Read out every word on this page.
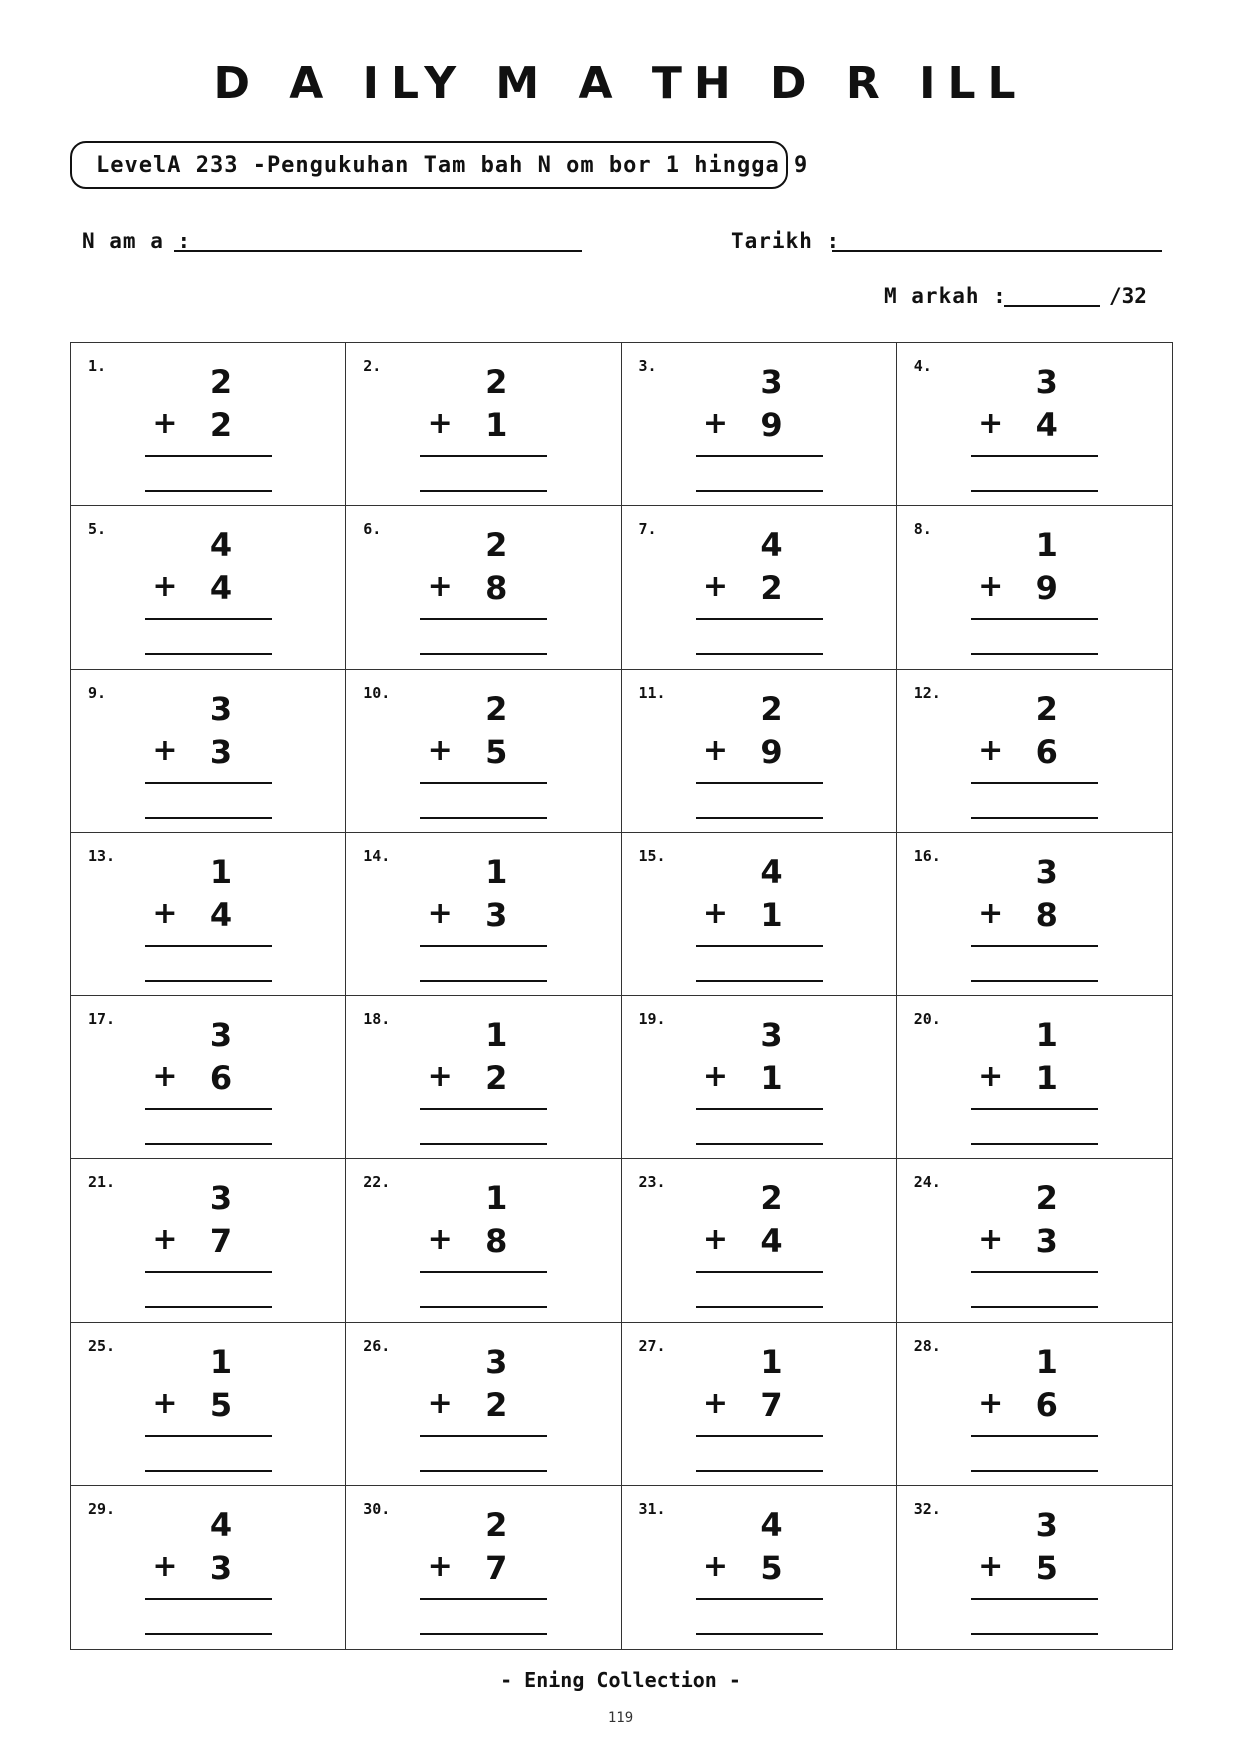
D A ILY M A TH D R ILL
LevelA 233 -Pengukuhan Tam bah N om bor 1 hingga 9
N am a :	Tarikh :
M arkah :	/32
1.	2
+ 2
2.	2
+ 1
3.	3
+ 9
4.	3
+ 4
5.	4
+ 4
6.	2
+ 8
7.	4
+ 2
8.	1
+ 9
9.	3
+ 3
10.	2
+ 5
11.	2
+ 9
12.	2
+ 6
13.	1
+ 4
14.	1
+ 3
15.	4
+ 1
16.	3
+ 8
17.	3
+ 6
18.	1
+ 2
19.	3
+ 1
20.	1
+ 1
21.	3
+ 7
22.	1
+ 8
23.	2
+ 4
24.	2
+ 3
25.	1
+ 5
26.	3
+ 2
27.	1
+ 7
28.	1
+ 6
29.	4
+ 3
30.	2
+ 7
31.	4
+ 5
32.	3
+ 5
- Ening Collection -
119
